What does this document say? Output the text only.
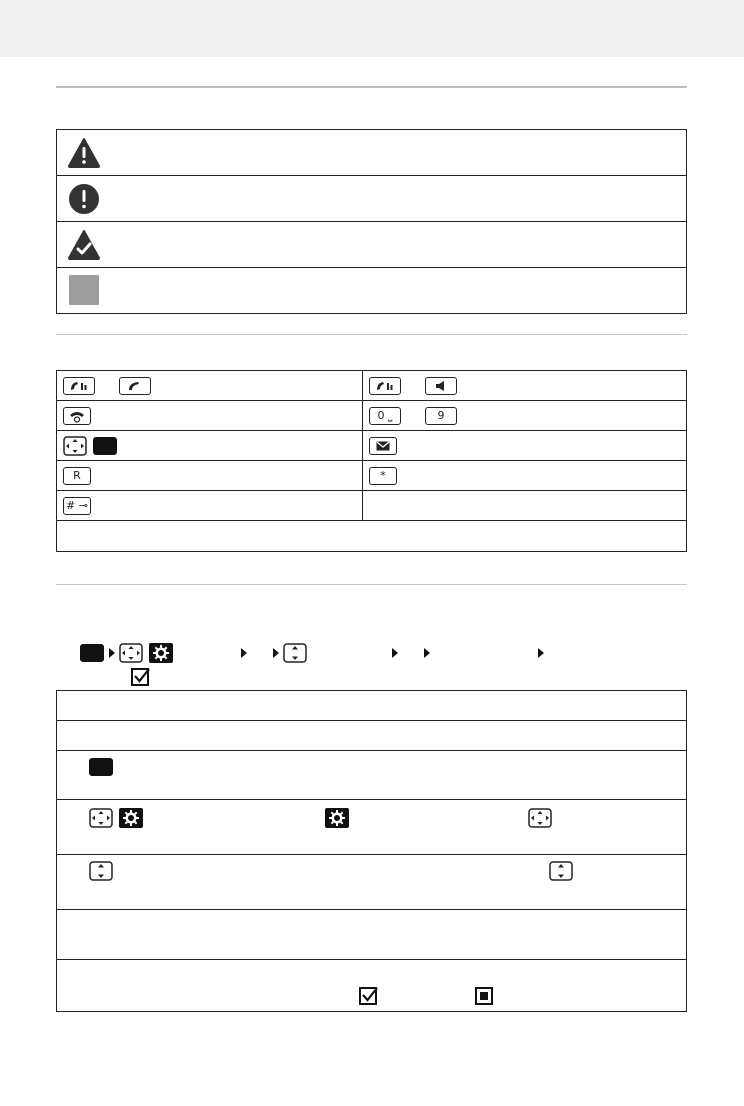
0 ⎵	9
R	*
# ⊸
